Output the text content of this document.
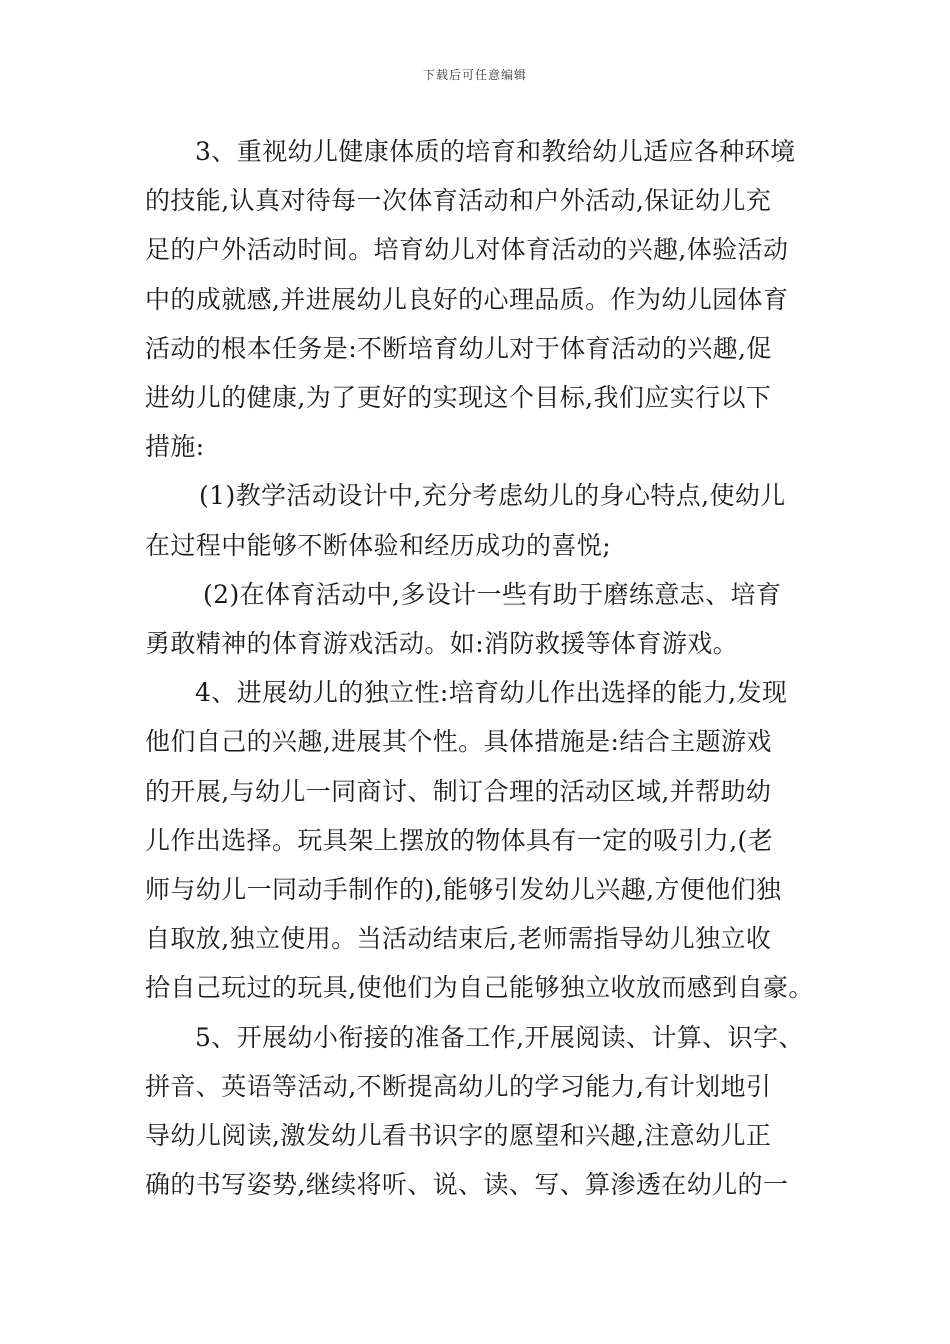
下载后可任意编辑

3、重视幼儿健康体质的培育和教给幼儿适应各种环境
的技能,认真对待每一次体育活动和户外活动,保证幼儿充
足的户外活动时间。培育幼儿对体育活动的兴趣,体验活动
中的成就感,并进展幼儿良好的心理品质。作为幼儿园体育
活动的根本任务是:不断培育幼儿对于体育活动的兴趣,促
进幼儿的健康,为了更好的实现这个目标,我们应实行以下
措施:

(1)教学活动设计中,充分考虑幼儿的身心特点,使幼儿
在过程中能够不断体验和经历成功的喜悦;

(2)在体育活动中,多设计一些有助于磨练意志、培育
勇敢精神的体育游戏活动。如:消防救援等体育游戏。

4、进展幼儿的独立性:培育幼儿作出选择的能力,发现
他们自己的兴趣,进展其个性。具体措施是:结合主题游戏
的开展,与幼儿一同商讨、制订合理的活动区域,并帮助幼
儿作出选择。玩具架上摆放的物体具有一定的吸引力,(老
师与幼儿一同动手制作的),能够引发幼儿兴趣,方便他们独
自取放,独立使用。当活动结束后,老师需指导幼儿独立收
拾自己玩过的玩具,使他们为自己能够独立收放而感到自豪。

5、开展幼小衔接的准备工作,开展阅读、计算、识字、
拼音、英语等活动,不断提高幼儿的学习能力,有计划地引
导幼儿阅读,激发幼儿看书识字的愿望和兴趣,注意幼儿正
确的书写姿势,继续将听、说、读、写、算渗透在幼儿的一
